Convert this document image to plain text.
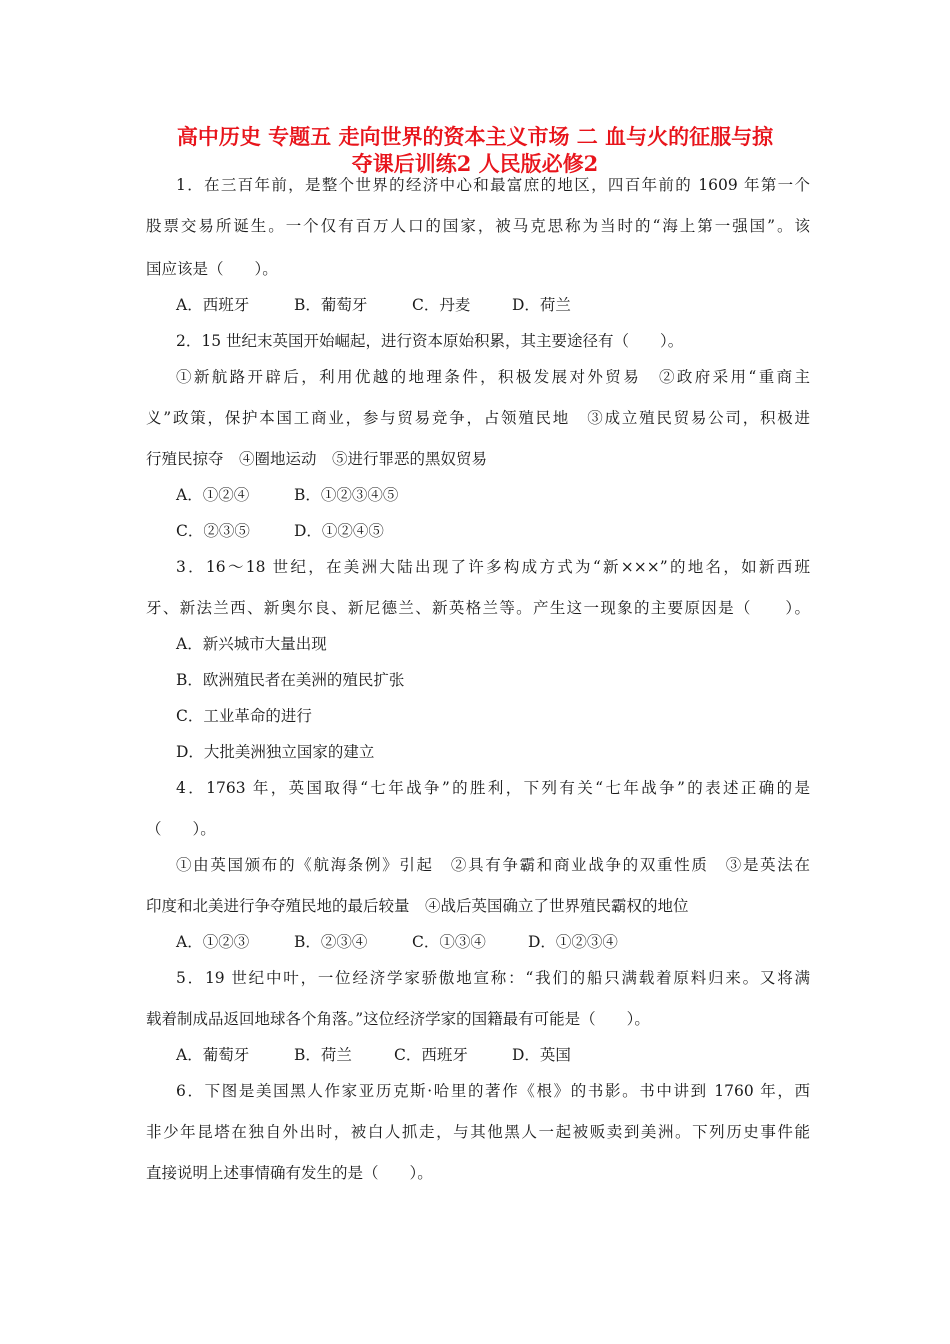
高中历史 专题五 走向世界的资本主义市场 二 血与火的征服与掠
夺课后训练2 人民版必修2
1．在三百年前，是整个世界的经济中心和最富庶的地区，四百年前的 1609 年第一个
股票交易所诞生。一个仅有百万人口的国家，被马克思称为当时的“海上第一强国”。该
国应该是（　　）。
A．西班牙	B．葡萄牙	C．丹麦	D．荷兰
2．15 世纪末英国开始崛起，进行资本原始积累，其主要途径有（　　）。
①新航路开辟后，利用优越的地理条件，积极发展对外贸易　②政府采用“重商主
义”政策，保护本国工商业，参与贸易竞争，占领殖民地　③成立殖民贸易公司，积极进
行殖民掠夺　④圈地运动　⑤进行罪恶的黑奴贸易
A．①②④	B．①②③④⑤
C．②③⑤	D．①②④⑤
3．16～18 世纪，在美洲大陆出现了许多构成方式为“新×××”的地名，如新西班
牙、新法兰西、新奥尔良、新尼德兰、新英格兰等。产生这一现象的主要原因是（　　）。
A．新兴城市大量出现
B．欧洲殖民者在美洲的殖民扩张
C．工业革命的进行
D．大批美洲独立国家的建立
4．1763 年，英国取得“七年战争”的胜利，下列有关“七年战争”的表述正确的是
（　　）。
①由英国颁布的《航海条例》引起　②具有争霸和商业战争的双重性质　③是英法在
印度和北美进行争夺殖民地的最后较量　④战后英国确立了世界殖民霸权的地位
A．①②③	B．②③④	C．①③④	D．①②③④
5．19 世纪中叶，一位经济学家骄傲地宣称：“我们的船只满载着原料归来。又将满
载着制成品返回地球各个角落。”这位经济学家的国籍最有可能是（　　）。
A．葡萄牙	B．荷兰	C．西班牙	D．英国
6．下图是美国黑人作家亚历克斯·哈里的著作《根》的书影。书中讲到 1760 年，西
非少年昆塔在独自外出时，被白人抓走，与其他黑人一起被贩卖到美洲。下列历史事件能
直接说明上述事情确有发生的是（　　）。
